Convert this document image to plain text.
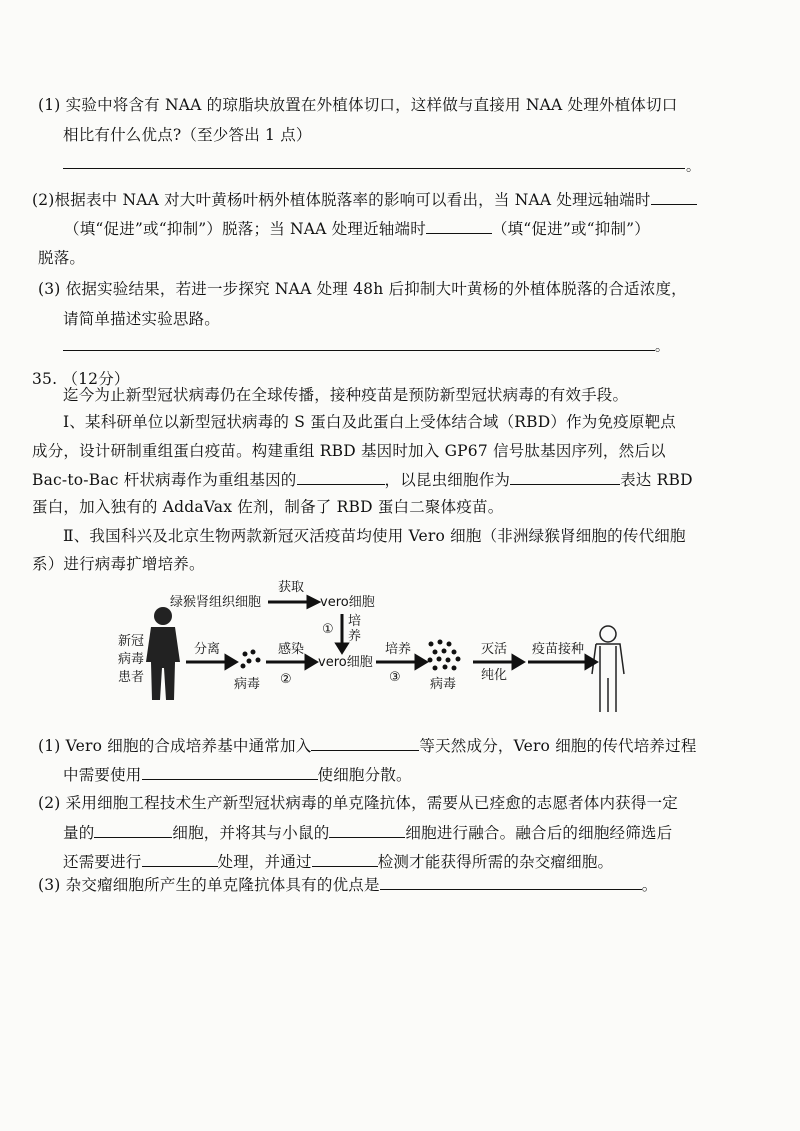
(1) 实验中将含有 NAA 的琼脂块放置在外植体切口，这样做与直接用 NAA 处理外植体切口
相比有什么优点?（至少答出 1 点）
。
(2)根据表中 NAA 对大叶黄杨叶柄外植体脱落率的影响可以看出，当 NAA 处理远轴端时
（填“促进”或“抑制”）脱落；当 NAA 处理近轴端时	（填“促进”或“抑制”）
脱落。
(3) 依据实验结果，若进一步探究 NAA 处理 48h 后抑制大叶黄杨的外植体脱落的合适浓度，
请简单描述实验思路。
。
35. （12分）
迄今为止新型冠状病毒仍在全球传播，接种疫苗是预防新型冠状病毒的有效手段。
Ⅰ、某科研单位以新型冠状病毒的 S 蛋白及此蛋白上受体结合域（RBD）作为免疫原靶点
成分，设计研制重组蛋白疫苗。构建重组 RBD 基因时加入 GP67 信号肽基因序列，然后以
Bac-to-Bac 杆状病毒作为重组基因的	，以昆虫细胞作为	表达 RBD
蛋白，加入独有的 AddaVax 佐剂，制备了 RBD 蛋白二聚体疫苗。
Ⅱ、我国科兴及北京生物两款新冠灭活疫苗均使用 Vero 细胞（非洲绿猴肾细胞的传代细胞
系）进行病毒扩增培养。
新冠
病毒
患者
绿猴肾组织细胞
获取
vero细胞
①
培
养
分离
病毒 ②
感染
vero细胞
培养
③ 病毒
灭活
纯化
疫苗接种
(1) Vero 细胞的合成培养基中通常加入	等天然成分，Vero 细胞的传代培养过程
中需要使用	使细胞分散。
(2) 采用细胞工程技术生产新型冠状病毒的单克隆抗体，需要从已痊愈的志愿者体内获得一定
量的	细胞，并将其与小鼠的	细胞进行融合。融合后的细胞经筛选后
还需要进行	处理，并通过	检测才能获得所需的杂交瘤细胞。
(3) 杂交瘤细胞所产生的单克隆抗体具有的优点是	。
